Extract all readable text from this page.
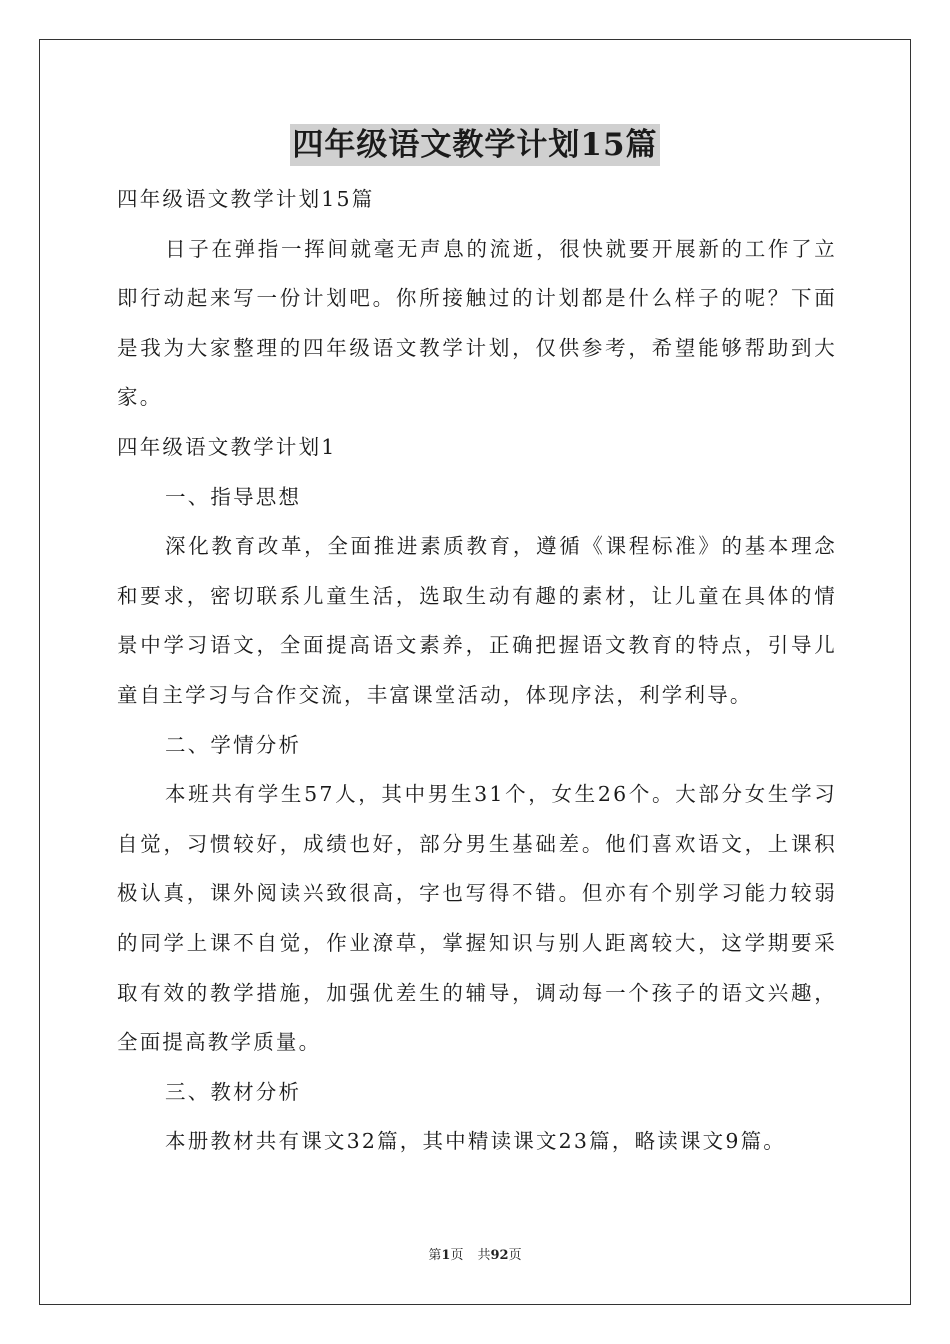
四年级语文教学计划15篇

四年级语文教学计划15篇

日子在弹指一挥间就毫无声息的流逝，很快就要开展新的工作了立即行动起来写一份计划吧。你所接触过的计划都是什么样子的呢？下面是我为大家整理的四年级语文教学计划，仅供参考，希望能够帮助到大家。

四年级语文教学计划1

一、指导思想

深化教育改革，全面推进素质教育，遵循《课程标准》的基本理念和要求，密切联系儿童生活，选取生动有趣的素材，让儿童在具体的情景中学习语文，全面提高语文素养，正确把握语文教育的特点，引导儿童自主学习与合作交流，丰富课堂活动，体现序法，利学利导。

二、学情分析

本班共有学生57人，其中男生31个，女生26个。大部分女生学习自觉，习惯较好，成绩也好，部分男生基础差。他们喜欢语文，上课积极认真，课外阅读兴致很高，字也写得不错。但亦有个别学习能力较弱的同学上课不自觉，作业潦草，掌握知识与别人距离较大，这学期要采取有效的教学措施，加强优差生的辅导，调动每一个孩子的语文兴趣，全面提高教学质量。

三、教材分析

本册教材共有课文32篇，其中精读课文23篇，略读课文9篇。

第1页 共92页
